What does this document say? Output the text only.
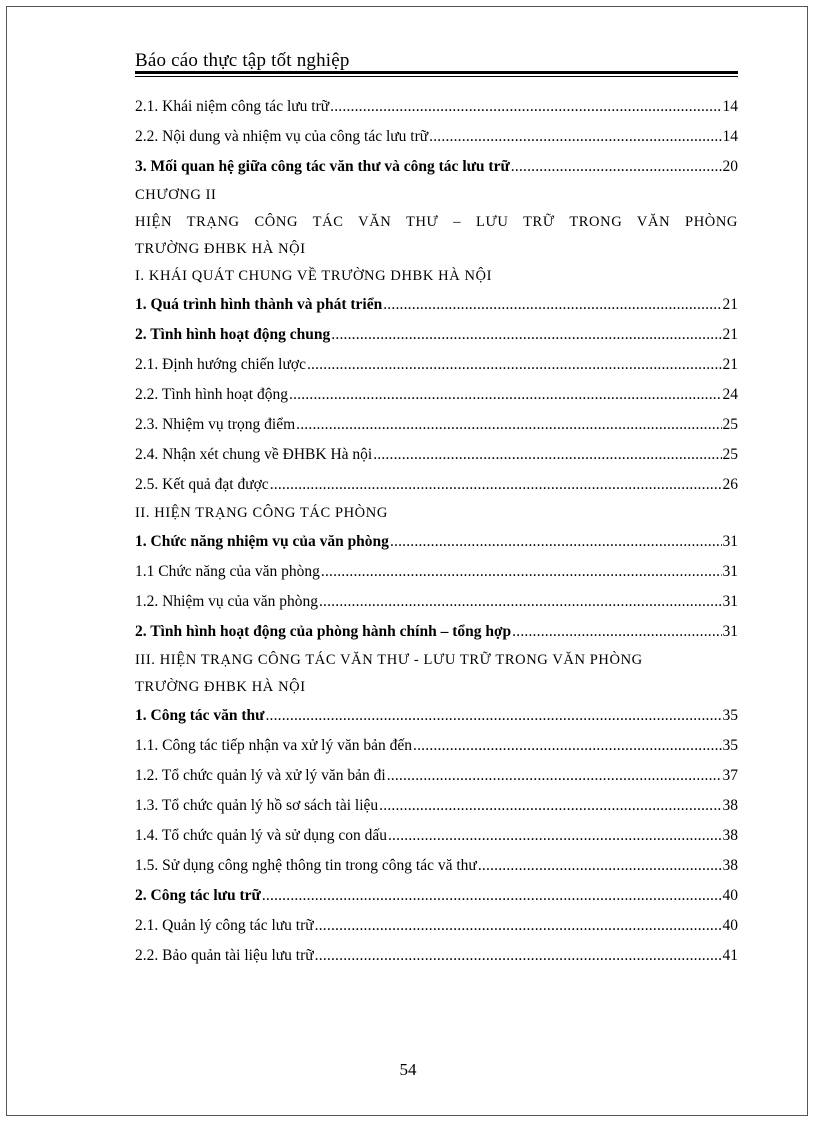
Báo cáo thực tập tốt nghiệp
2.1. Khái niệm công tác lưu trữ .....	14
2.2. Nội dung và nhiệm vụ của công tác lưu trữ .....	14
3. Mối quan hệ giữa công tác văn thư và công tác lưu trữ .....	20
CHƯƠNG II
HIỆN TRẠNG CÔNG TÁC VĂN THƯ – LƯU TRỮ TRONG VĂN PHÒNG
TRƯỜNG ĐHBK HÀ NỘI
I. KHÁI QUÁT CHUNG VỀ TRƯỜNG DHBK HÀ NỘI
1. Quá trình hình thành và phát triển .....	21
2. Tình hình hoạt động chung .....	21
2.1. Định hướng chiến lược .....	21
2.2. Tình hình hoạt động .....	24
2.3. Nhiệm vụ trọng điểm .....	25
2.4. Nhận xét chung về ĐHBK Hà nội .....	25
2.5. Kết quả đạt được .....	26
II. HIỆN TRẠNG CÔNG TÁC PHÒNG
1. Chức năng nhiệm vụ của văn phòng .....	31
1.1 Chức năng của văn phòng .....	31
1.2. Nhiệm vụ của văn phòng .....	31
2. Tình hình hoạt động của phòng hành chính – tổng hợp .....	31
III. HIỆN TRẠNG CÔNG TÁC VĂN THƯ - LƯU TRỮ TRONG VĂN PHÒNG
TRƯỜNG ĐHBK HÀ NỘI
1. Công tác văn thư .....	35
1.1. Công tác tiếp nhận va xử lý văn bản đến .....	35
1.2. Tổ chức quản lý và xử lý văn bản đi .....	37
1.3. Tổ chức quản lý hồ sơ sách tài liệu .....	38
1.4. Tổ chức quản lý và sử dụng con dấu .....	38
1.5. Sử dụng công nghệ thông tin trong công tác vă thư .....	38
2. Công tác lưu trữ .....	40
2.1. Quản lý công tác lưu trữ .....	40
2.2. Bảo quản tài liệu lưu trữ .....	41
54
